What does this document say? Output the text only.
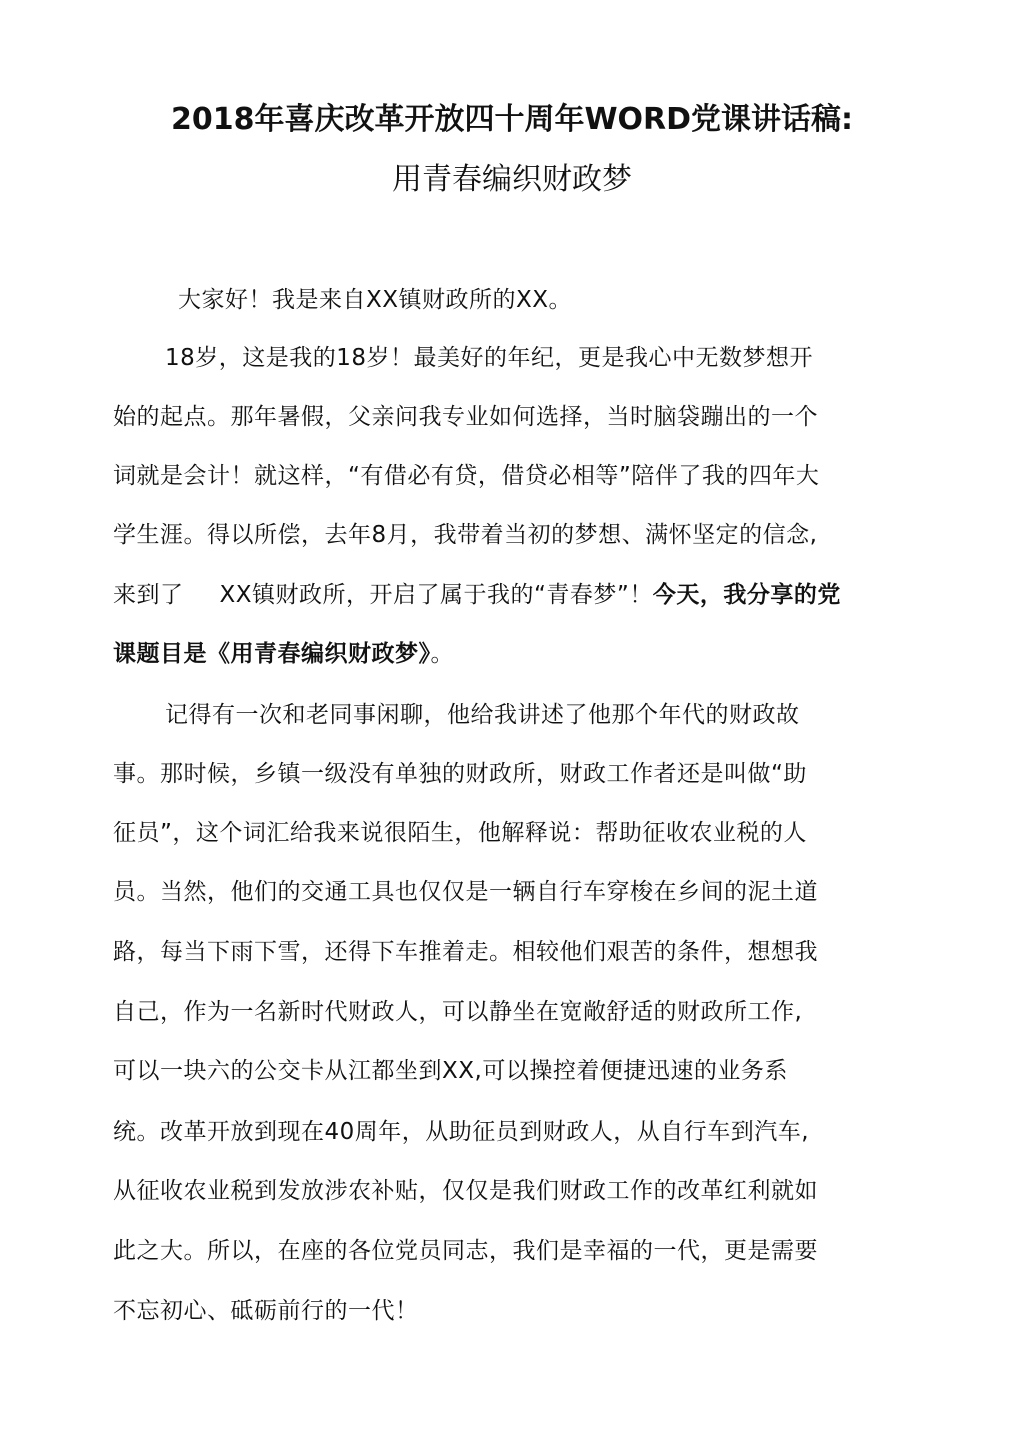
2018年喜庆改革开放四十周年WORD党课讲话稿:
用青春编织财政梦
大家好！我是来自XX镇财政所的XX。
18岁，这是我的18岁！最美好的年纪，更是我心中无数梦想开
始的起点。那年暑假，父亲问我专业如何选择，当时脑袋蹦出的一个
词就是会计！就这样，“有借必有贷，借贷必相等”陪伴了我的四年大
学生涯。得以所偿，去年8月，我带着当初的梦想、满怀坚定的信念,
来到了 XX镇财政所，开启了属于我的“青春梦”！今天，我分享的党
课题目是《用青春编织财政梦》。
记得有一次和老同事闲聊，他给我讲述了他那个年代的财政故
事。那时候，乡镇一级没有单独的财政所，财政工作者还是叫做“助
征员”，这个词汇给我来说很陌生，他解释说：帮助征收农业税的人
员。当然，他们的交通工具也仅仅是一辆自行车穿梭在乡间的泥土道
路，每当下雨下雪，还得下车推着走。相较他们艰苦的条件，想想我
自己，作为一名新时代财政人，可以静坐在宽敞舒适的财政所工作,
可以一块六的公交卡从江都坐到XX,可以操控着便捷迅速的业务系
统。改革开放到现在40周年，从助征员到财政人，从自行车到汽车,
从征收农业税到发放涉农补贴，仅仅是我们财政工作的改革红利就如
此之大。所以，在座的各位党员同志，我们是幸福的一代，更是需要
不忘初心、砥砺前行的一代！
